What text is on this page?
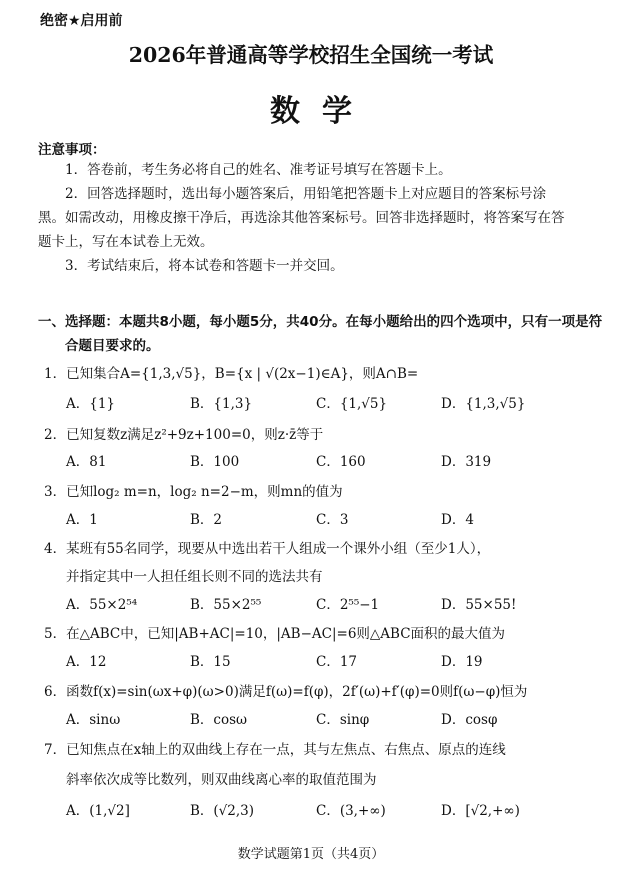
绝密★启用前
2026年普通高等学校招生全国统一考试
数学
注意事项：
1．答卷前，考生务必将自己的姓名、准考证号填写在答题卡上。
2．回答选择题时，选出每小题答案后，用铅笔把答题卡上对应题目的答案标号涂黑。如需改动，用橡皮擦干净后，再选涂其他答案标号。回答非选择题时，将答案写在答题卡上，写在本试卷上无效。
3．考试结束后，将本试卷和答题卡一并交回。
一、选择题：本题共8小题，每小题5分，共40分。在每小题给出的四个选项中，只有一项是符合题目要求的。
1．已知集合A={1,3,√5}，B={x | √(2x−1)∈A}，则A∩B=
A．{1}	B．{1,3}	C．{1,√5}	D．{1,3,√5}
2．已知复数z满足z²+9z+100=0，则z·z̄等于
A．81	B．100	C．160	D．319
3．已知log₂ m=n，log₂ n=2−m，则mn的值为
A．1	B．2	C．3	D．4
4．某班有55名同学，现要从中选出若干人组成一个课外小组（至少1人），
并指定其中一人担任组长则不同的选法共有
A．55×2⁵⁴	B．55×2⁵⁵	C．2⁵⁵−1	D．55×55!
5．在△ABC中，已知|AB+AC|=10，|AB−AC|=6则△ABC面积的最大值为
A．12	B．15	C．17	D．19
6．函数f(x)=sin(ωx+φ)(ω>0)满足f(ω)=f(φ)，2f′(ω)+f′(φ)=0则f(ω−φ)恒为
A．sinω	B．cosω	C．sinφ	D．cosφ
7．已知焦点在x轴上的双曲线上存在一点，其与左焦点、右焦点、原点的连线
斜率依次成等比数列，则双曲线离心率的取值范围为
A．(1,√2]	B．(√2,3)	C．(3,+∞)	D．[√2,+∞)
数学试题第1页（共4页）
